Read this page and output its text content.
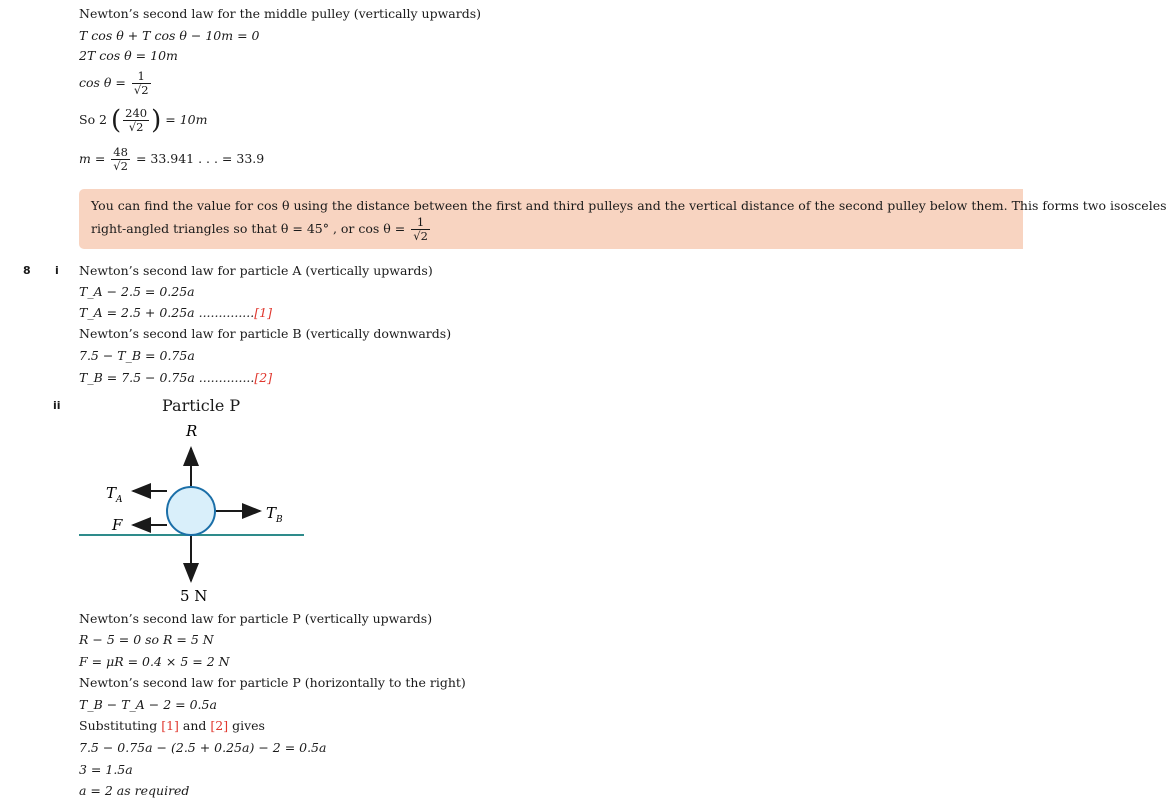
Newton’s second law for the middle pulley (vertically upwards)
T cos θ + T cos θ − 10m = 0
2T cos θ = 10m
$\cos \theta = \frac{1}{√2}$
So 2 ( $\frac{240}{√2}$ ) = 10m
$m = \frac{48}{√2} = 33.941$ . . . = 33.9
You can find the value for cos θ using the distance between the first and third pulleys and the vertical distance of the second pulley below them. This forms two isosceles
right-angled triangles so that θ = 45° , or $\cos \theta = \frac{1}{√2}$
8 i Newton’s second law for particle A (vertically upwards)
T_A − 2.5 = 0.25a
T_A = 2.5 + 0.25a ..............[1]
Newton’s second law for particle B (vertically downwards)
7.5 − T_B = 0.75a
T_B = 7.5 − 0.75a ..............[2]
ii	Particle P
R
$T_A$
F
$T_B$
5 N
Newton’s second law for particle P (vertically upwards)
R − 5 = 0 so R = 5 N
F = μR = 0.4 × 5 = 2 N
Newton’s second law for particle P (horizontally to the right)
T_B − T_A − 2 = 0.5a
Substituting [1] and [2] gives
7.5 − 0.75a − (2.5 + 0.25a) − 2 = 0.5a
3 = 1.5a
a = 2 as required
